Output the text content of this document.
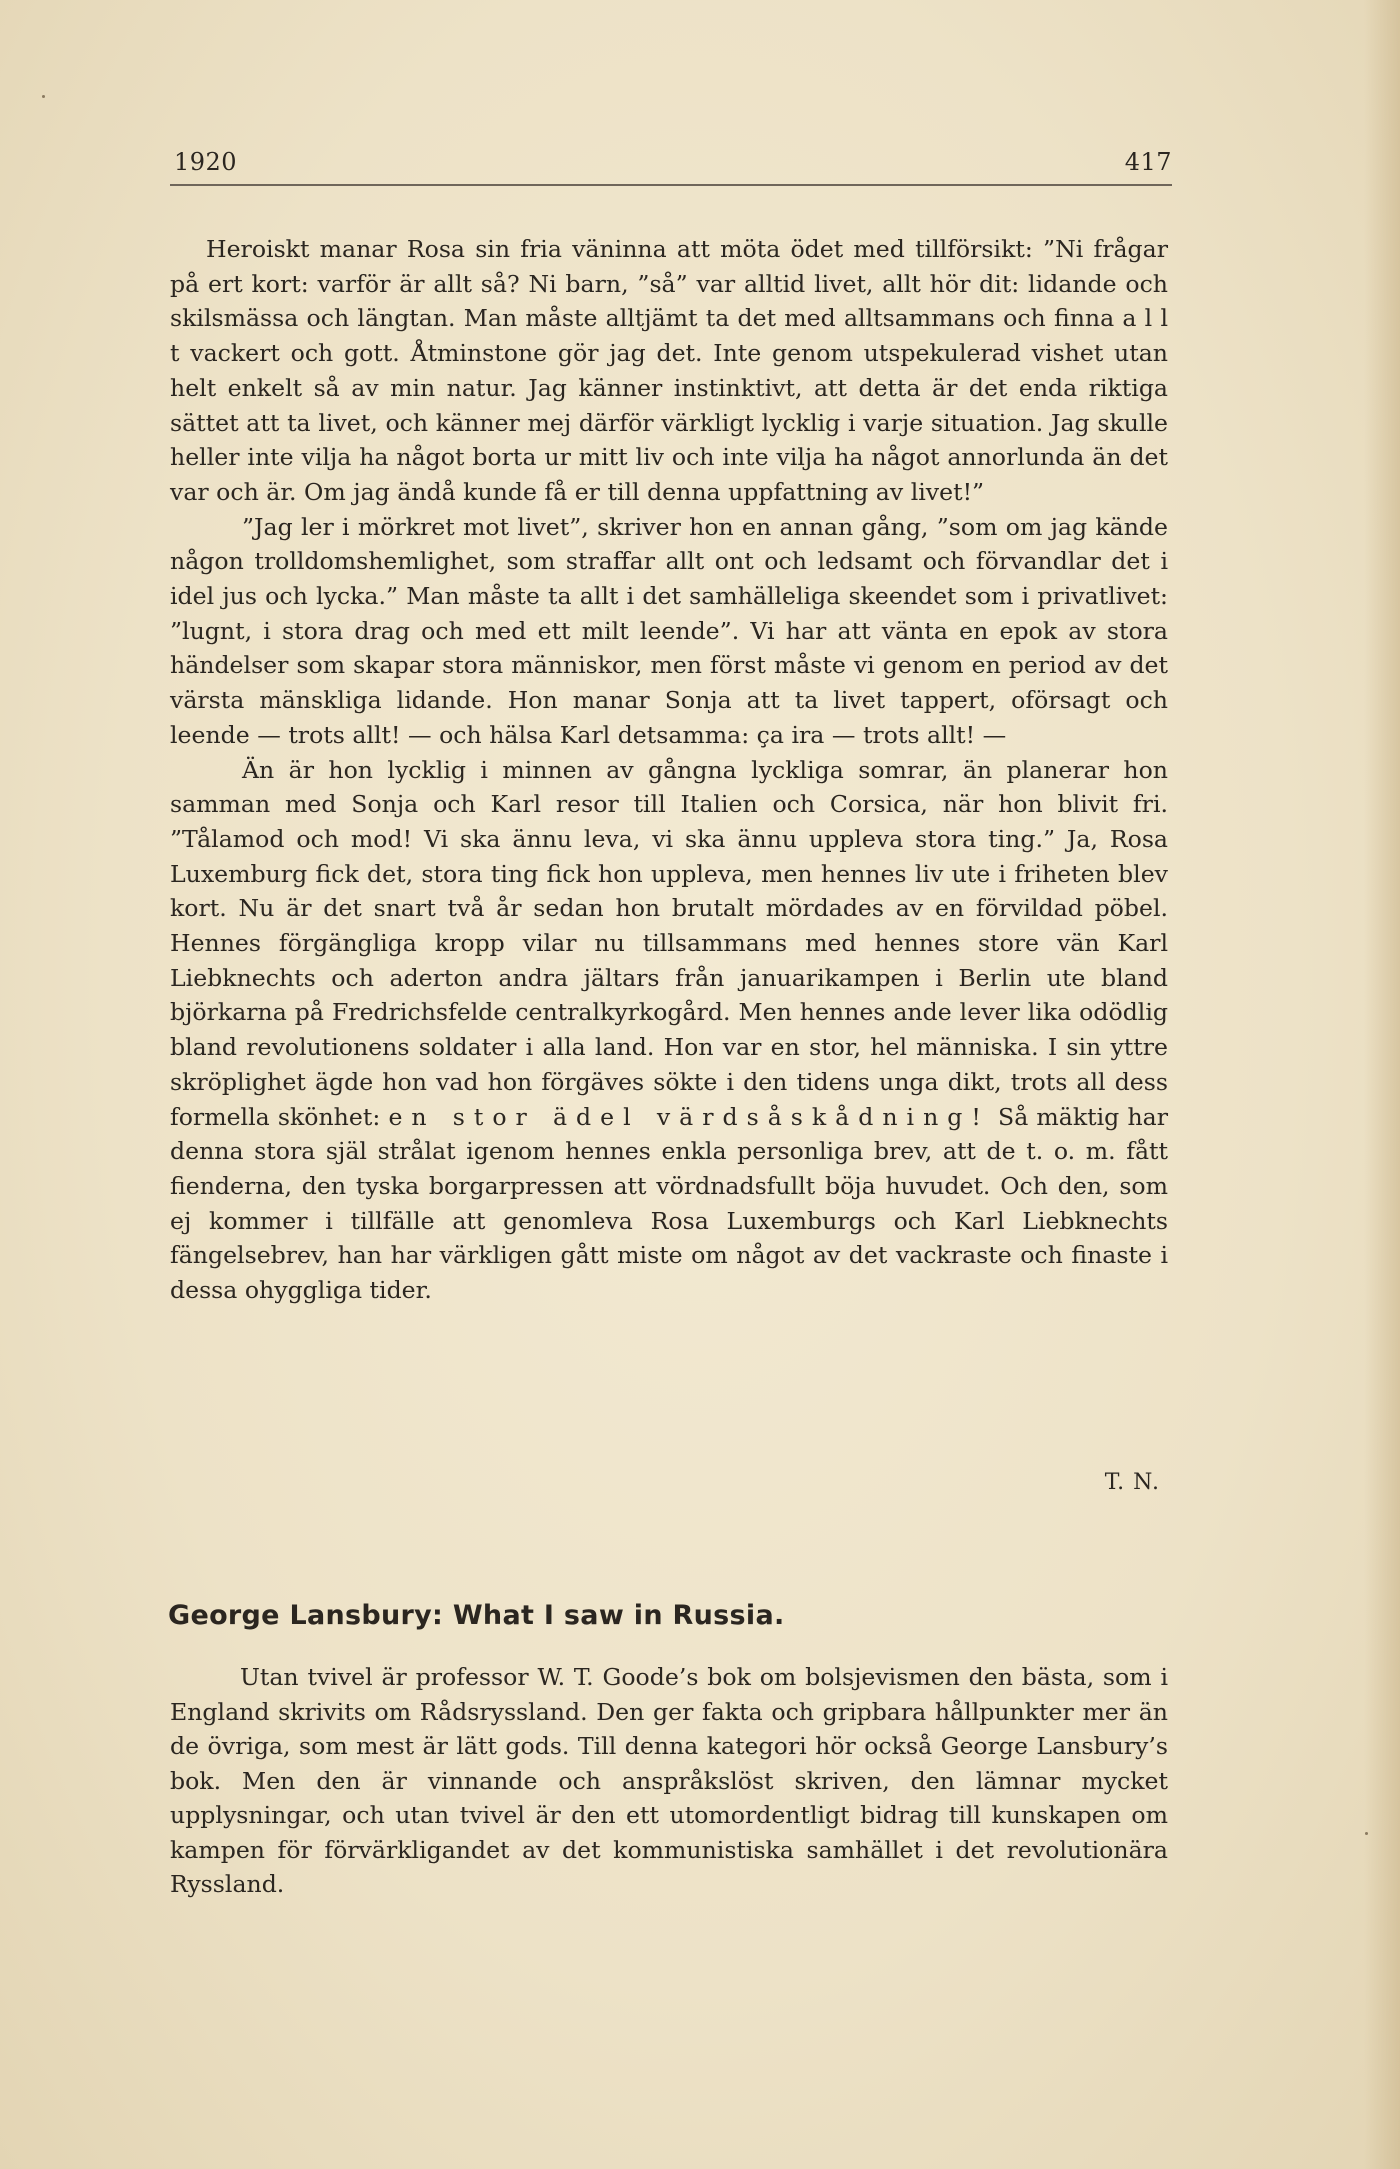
1920	417

Heroiskt manar Rosa sin fria väninna att möta ödet med tillförsikt: ”Ni frågar på ert kort: varför är allt så? Ni barn, ”så” var alltid livet, allt hör dit: lidande och skilsmässa och längtan. Man måste alltjämt ta det med alltsammans och finna a l l t vackert och gott. Åtminstone gör jag det. Inte genom utspekulerad vishet utan helt enkelt så av min natur. Jag känner instinktivt, att detta är det enda riktiga sättet att ta livet, och känner mej därför värkligt lycklig i varje situation. Jag skulle heller inte vilja ha något borta ur mitt liv och inte vilja ha något annorlunda än det var och är. Om jag ändå kunde få er till denna uppfattning av livet!”

”Jag ler i mörkret mot livet”, skriver hon en annan gång, ”som om jag kände någon trolldomshemlighet, som straffar allt ont och ledsamt och förvandlar det i idel jus och lycka.” Man måste ta allt i det samhälleliga skeendet som i privatlivet: ”lugnt, i stora drag och med ett milt leende”. Vi har att vänta en epok av stora händelser som skapar stora människor, men först måste vi genom en period av det värsta mänskliga lidande. Hon manar Sonja att ta livet tappert, oförsagt och leende — trots allt! — och hälsa Karl detsamma: ça ira — trots allt! —

Än är hon lycklig i minnen av gångna lyckliga somrar, än planerar hon samman med Sonja och Karl resor till Italien och Corsica, när hon blivit fri. ”Tålamod och mod! Vi ska ännu leva, vi ska ännu uppleva stora ting.” Ja, Rosa Luxemburg fick det, stora ting fick hon uppleva, men hennes liv ute i friheten blev kort. Nu är det snart två år sedan hon brutalt mördades av en förvildad pöbel. Hennes förgängliga kropp vilar nu tillsammans med hennes store vän Karl Liebknechts och aderton andra jältars från januarikampen i Berlin ute bland björkarna på Fredrichsfelde centralkyrkogård. Men hennes ande lever lika odödlig bland revolutionens soldater i alla land. Hon var en stor, hel människa. I sin yttre skröplighet ägde hon vad hon förgäves sökte i den tidens unga dikt, trots all dess formella skönhet: en stor ädel värdsåskådning! Så mäktig har denna stora själ strålat igenom hennes enkla personliga brev, att de t. o. m. fått fienderna, den tyska borgarpressen att vördnadsfullt böja huvudet. Och den, som ej kommer i tillfälle att genomleva Rosa Luxemburgs och Karl Liebknechts fängelsebrev, han har värkligen gått miste om något av det vackraste och finaste i dessa ohyggliga tider.

T. N.
George Lansbury: What I saw in Russia.

Utan tvivel är professor W. T. Goode’s bok om bolsjevismen den bästa, som i England skrivits om Rådsryssland. Den ger fakta och gripbara hållpunkter mer än de övriga, som mest är lätt gods. Till denna kategori hör också George Lansbury’s bok. Men den är vinnande och anspråkslöst skriven, den lämnar mycket upplysningar, och utan tvivel är den ett utomordentligt bidrag till kunskapen om kampen för förvärkligandet av det kommunistiska samhället i det revolutionära Ryssland.
